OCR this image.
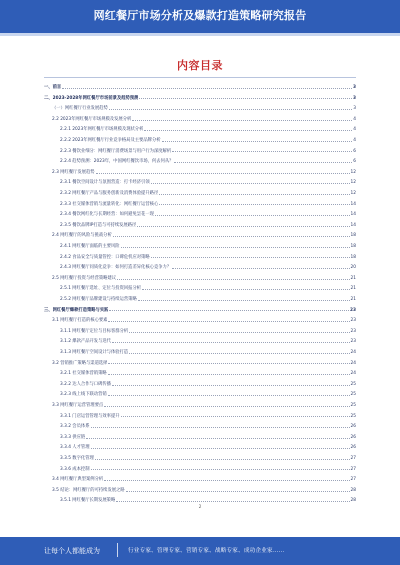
网红餐厅市场分析及爆款打造策略研究报告
内容目录
一、前言	3
二、2023-2028年网红餐厅市场前景及趋势预测	3
（一）网红餐厅行业发展趋势	3
2.2 2023年网红餐厅市场规模及发展分析	4
2.2.1 2023年网红餐厅市场规模及现状分析	4
2.2.2 2023年网红餐厅行业竞争格局及主要品牌分析	4
2.2.3 餐饮业细分：网红餐厅消费场景与用户行为深度解析	6
2.2.4 趋势预测：2023年，中国网红餐饮市场，何去何从？	6
2.3 网红餐厅发展趋势	12
2.3.1 餐饮空间设计与氛围营造：打卡经济引领	12
2.3.2 网红餐厅产品与服务创新及消费体验提升路径	12
2.3.3 社交媒体营销与流量转化：网红餐厅运营核心	14
2.3.4 餐饮网红化与长期经营：如何避免昙花一现	14
2.3.5 餐饮品牌IP打造与可持续发展路径	14
2.4 网红餐厅的风险与挑战分析	18
2.4.1 网红餐厅面临的主要风险	18
2.4.2 食品安全与质量管控：口碑危机应对策略	18
2.4.3 网红餐厅同质化竞争：如何打造差异化核心竞争力？	20
2.5 网红餐厅投资与经营策略建议	21
2.5.1 网红餐厅选址、定位与投资回报分析	21
2.5.2 网红餐厅品牌建设与持续运营策略	21
三、网红餐厅爆款打造策略与实践	23
3.1 网红餐厅打造的核心要素	23
3.1.1 网红餐厅定位与目标客群分析	23
3.1.2 爆款产品开发与迭代	23
3.1.3 网红餐厅空间设计与体验打造	24
3.2 营销推广策略与渠道选择	24
3.2.1 社交媒体营销策略	24
3.2.2 达人合作与口碑传播	25
3.2.3 线上线下联动营销	25
3.3 网红餐厅运营管理要点	25
3.3.1 门店运营管理与效率提升	25
3.3.2 会员体系	26
3.3.3 供应链	26
3.3.4 人才管理	26
3.3.5 数字化管理	27
3.3.6 成本控制	27
3.4 网红餐厅典型案例分析	27
3.5 结论：网红餐厅的可持续发展之路	28
3.5.1 网红餐厅长期发展策略	28
2
让每个人都能成为	行业专家、管理专家、营销专家、战略专家、成功企业家……
